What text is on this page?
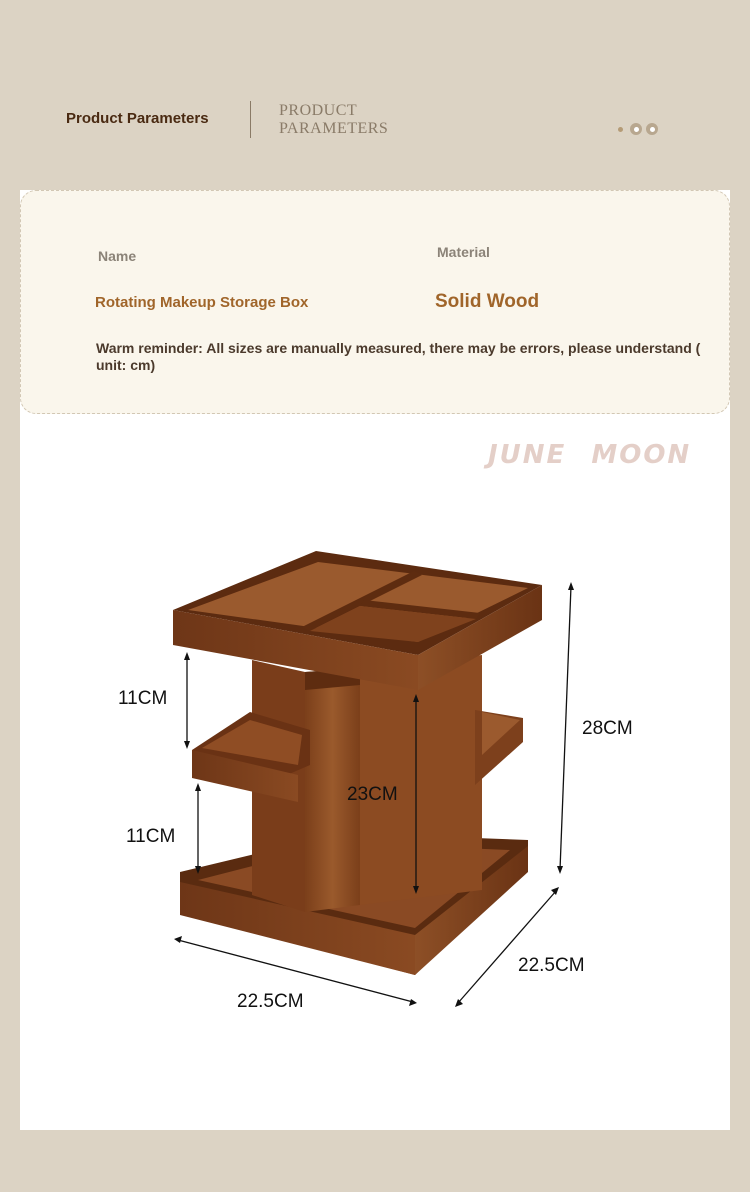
Product Parameters	PRODUCT
PARAMETERS
Name	Material
Rotating Makeup Storage Box	Solid Wood
Warm reminder: All sizes are manually measured, there may be errors, please understand ( unit: cm)
JUNE MOON
11CM
11CM
23CM
28CM
22.5CM
22.5CM
